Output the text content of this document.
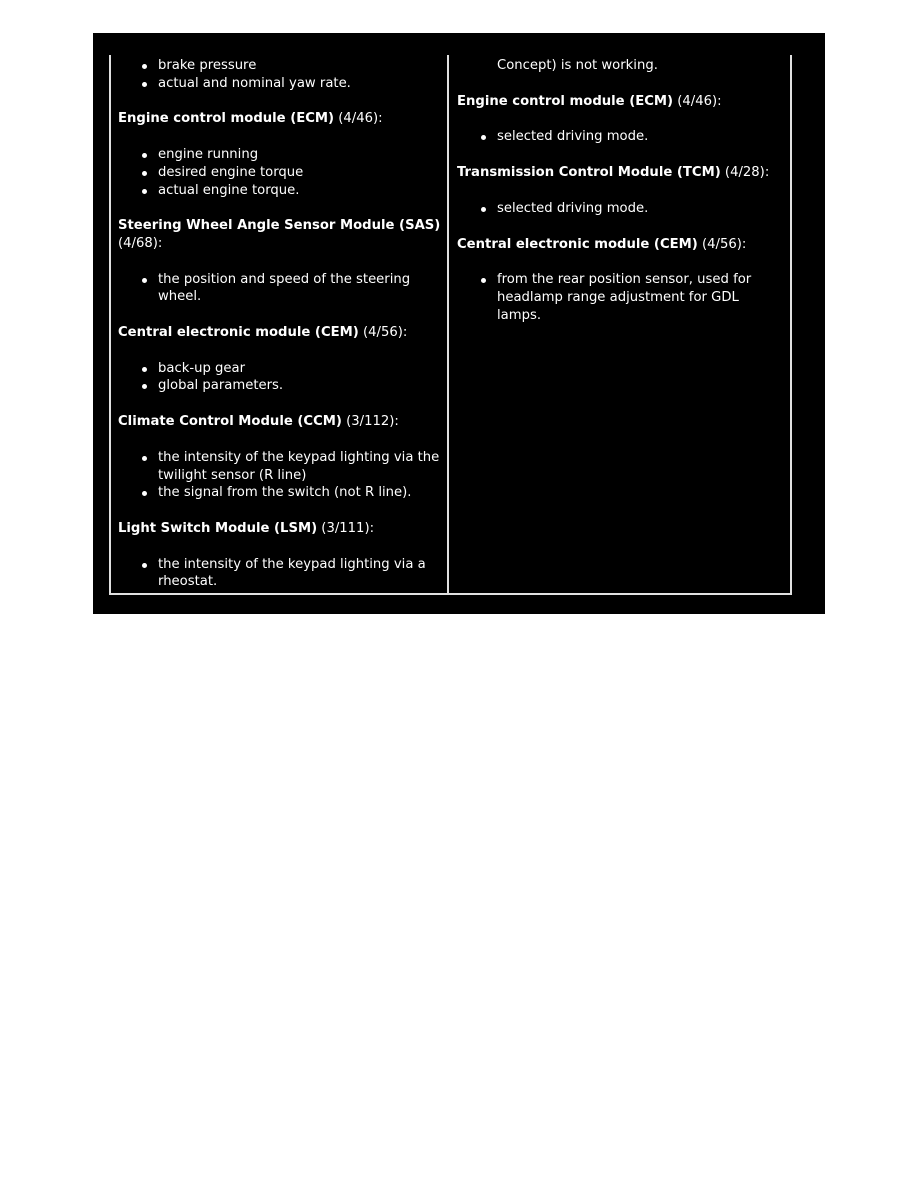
brake pressure
actual and nominal yaw rate.
Engine control module (ECM) (4/46):
engine running
desired engine torque
actual engine torque.
Steering Wheel Angle Sensor Module (SAS) (4/68):
the position and speed of the steering wheel.
Central electronic module (CEM) (4/56):
back-up gear
global parameters.
Climate Control Module (CCM) (3/112):
the intensity of the keypad lighting via the twilight sensor (R line)
the signal from the switch (not R line).
Light Switch Module (LSM) (3/111):
the intensity of the keypad lighting via a rheostat.
Concept) is not working.
Engine control module (ECM) (4/46):
selected driving mode.
Transmission Control Module (TCM) (4/28):
selected driving mode.
Central electronic module (CEM) (4/56):
from the rear position sensor, used for headlamp range adjustment for GDL lamps.
